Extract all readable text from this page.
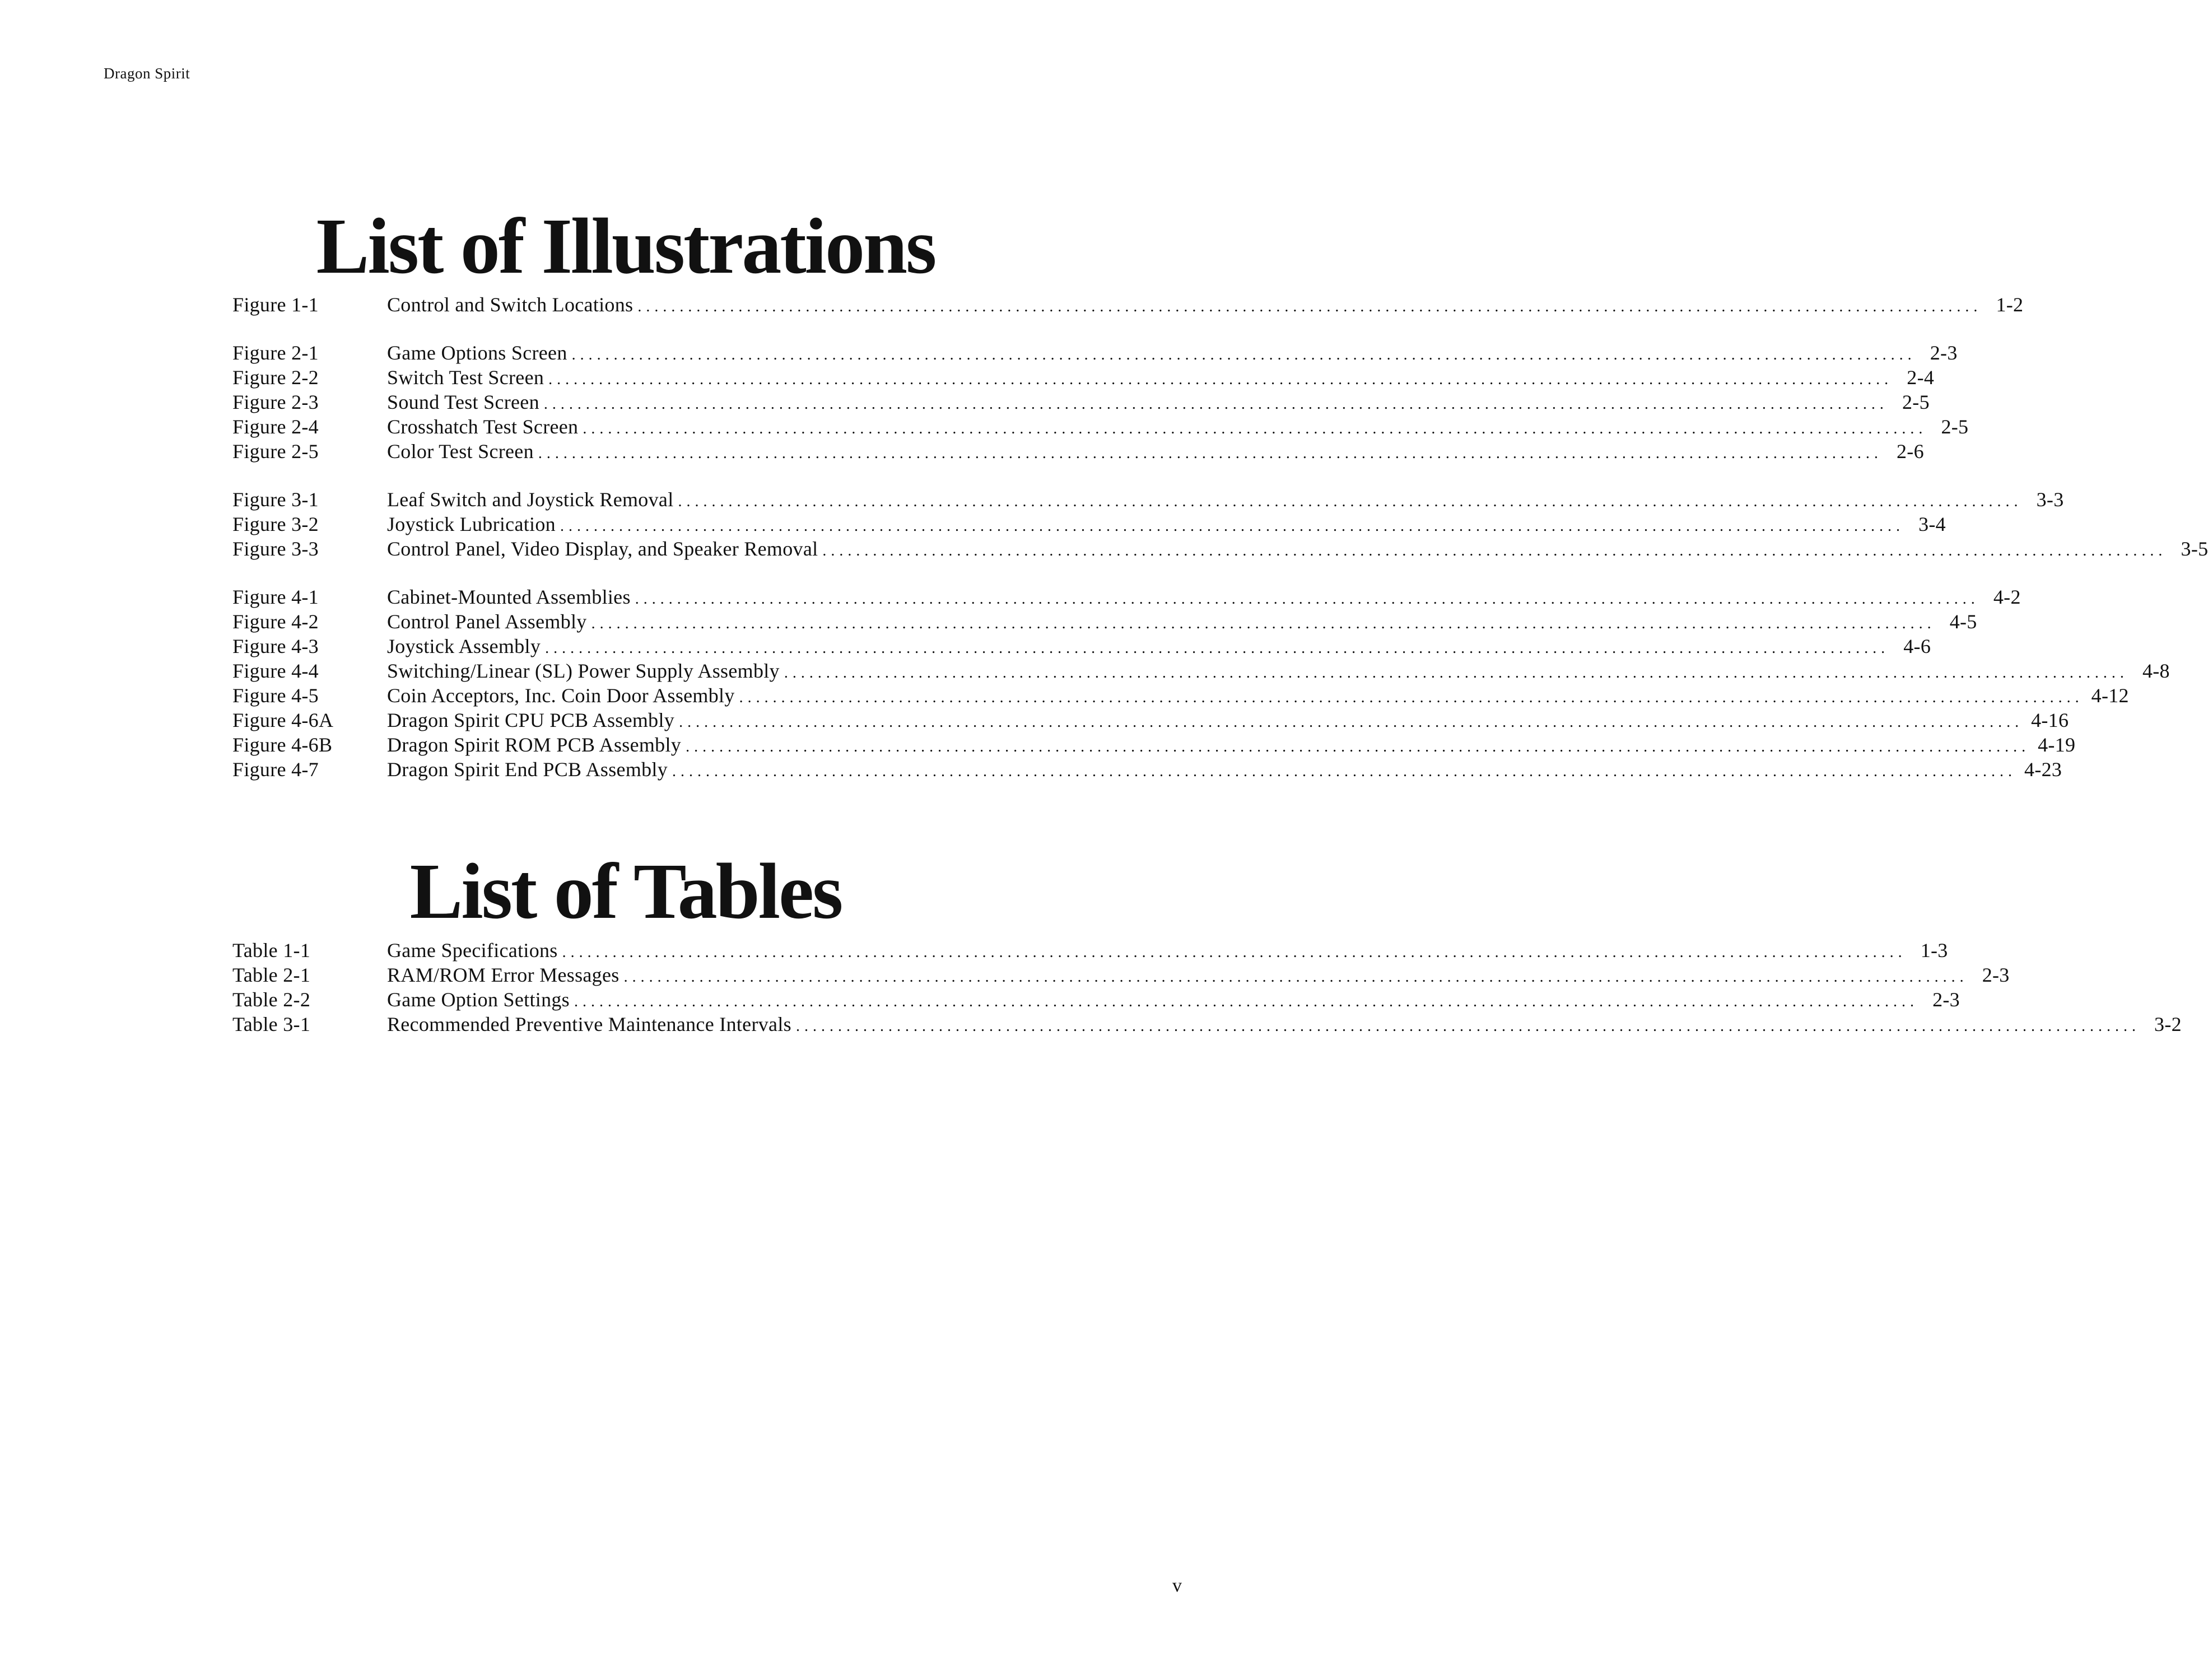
Dragon Spirit
List of Illustrations
Figure 1-1	Control and Switch Locations ................................................................................................................................................................ 1-2
Figure 2-1	Game Options Screen ................................................................................................................................................................ 2-3
Figure 2-2	Switch Test Screen ................................................................................................................................................................ 2-4
Figure 2-3	Sound Test Screen ................................................................................................................................................................ 2-5
Figure 2-4	Crosshatch Test Screen ................................................................................................................................................................ 2-5
Figure 2-5	Color Test Screen ................................................................................................................................................................ 2-6
Figure 3-1	Leaf Switch and Joystick Removal ................................................................................................................................................................ 3-3
Figure 3-2	Joystick Lubrication ................................................................................................................................................................ 3-4
Figure 3-3	Control Panel, Video Display, and Speaker Removal ................................................................................................................................................................ 3-5
Figure 4-1	Cabinet-Mounted Assemblies ................................................................................................................................................................ 4-2
Figure 4-2	Control Panel Assembly ................................................................................................................................................................ 4-5
Figure 4-3	Joystick Assembly ................................................................................................................................................................ 4-6
Figure 4-4	Switching/Linear (SL) Power Supply Assembly ................................................................................................................................................................ 4-8
Figure 4-5	Coin Acceptors, Inc. Coin Door Assembly ................................................................................................................................................................ 4-12
Figure 4-6A	Dragon Spirit CPU PCB Assembly ................................................................................................................................................................ 4-16
Figure 4-6B	Dragon Spirit ROM PCB Assembly ................................................................................................................................................................ 4-19
Figure 4-7	Dragon Spirit End PCB Assembly ................................................................................................................................................................ 4-23
List of Tables
Table 1-1	Game Specifications ................................................................................................................................................................ 1-3
Table 2-1	RAM/ROM Error Messages ................................................................................................................................................................ 2-3
Table 2-2	Game Option Settings ................................................................................................................................................................ 2-3
Table 3-1	Recommended Preventive Maintenance Intervals ................................................................................................................................................................ 3-2
v
